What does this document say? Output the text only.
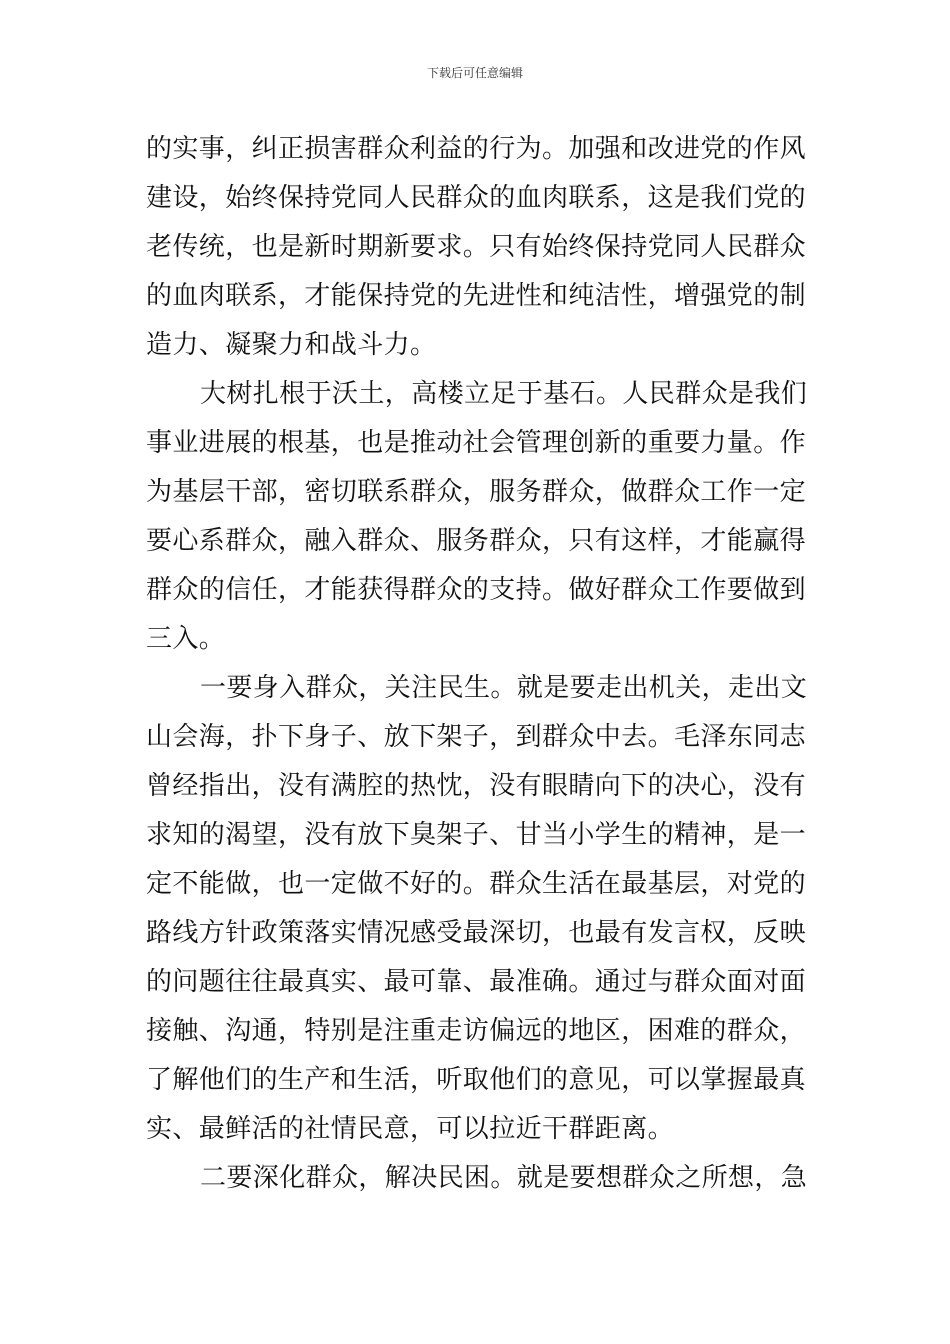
下载后可任意编辑
的实事，纠正损害群众利益的行为。加强和改进党的作风
建设，始终保持党同人民群众的血肉联系，这是我们党的
老传统，也是新时期新要求。只有始终保持党同人民群众
的血肉联系，才能保持党的先进性和纯洁性，增强党的制
造力、凝聚力和战斗力。
大树扎根于沃土，高楼立足于基石。人民群众是我们
事业进展的根基，也是推动社会管理创新的重要力量。作
为基层干部，密切联系群众，服务群众，做群众工作一定
要心系群众，融入群众、服务群众，只有这样，才能赢得
群众的信任，才能获得群众的支持。做好群众工作要做到
三入。
一要身入群众，关注民生。就是要走出机关，走出文
山会海，扑下身子、放下架子，到群众中去。毛泽东同志
曾经指出，没有满腔的热忱，没有眼睛向下的决心，没有
求知的渴望，没有放下臭架子、甘当小学生的精神，是一
定不能做，也一定做不好的。群众生活在最基层，对党的
路线方针政策落实情况感受最深切，也最有发言权，反映
的问题往往最真实、最可靠、最准确。通过与群众面对面
接触、沟通，特别是注重走访偏远的地区，困难的群众，
了解他们的生产和生活，听取他们的意见，可以掌握最真
实、最鲜活的社情民意，可以拉近干群距离。
二要深化群众，解决民困。就是要想群众之所想，急
